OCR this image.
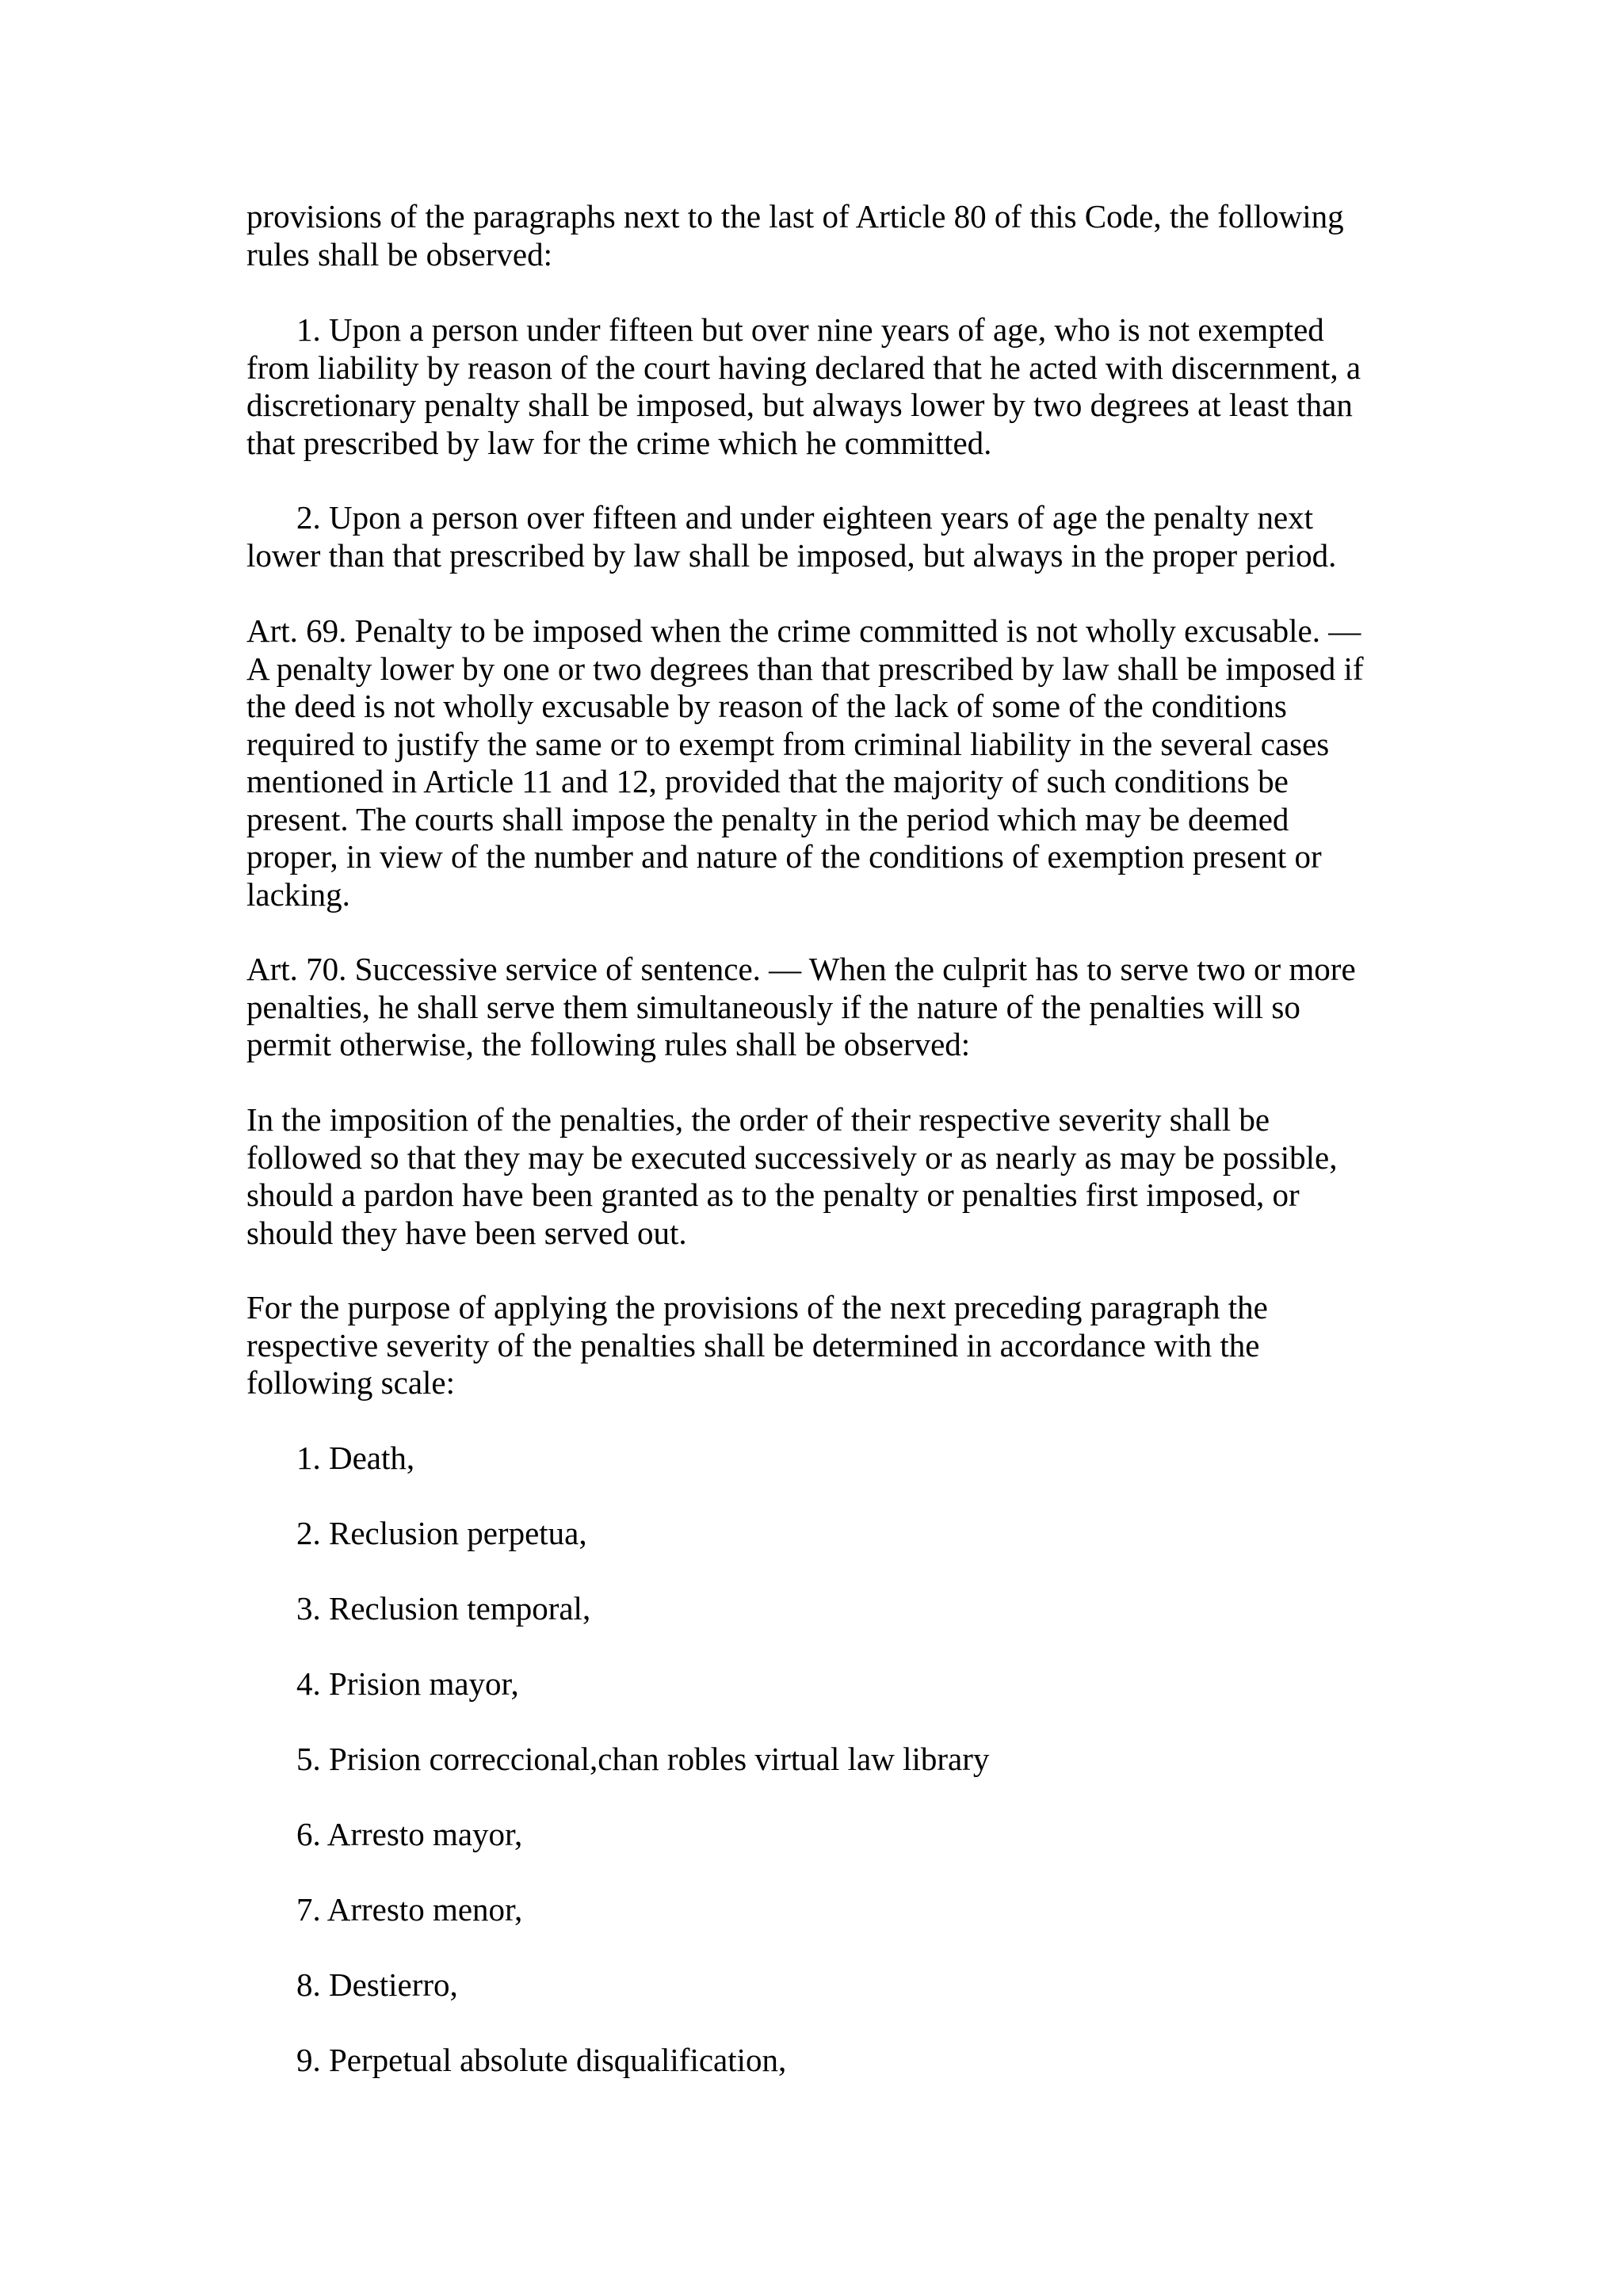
provisions of the paragraphs next to the last of Article 80 of this Code, the following
rules shall be observed:
1. Upon a person under fifteen but over nine years of age, who is not exempted
from liability by reason of the court having declared that he acted with discernment, a
discretionary penalty shall be imposed, but always lower by two degrees at least than
that prescribed by law for the crime which he committed.
2. Upon a person over fifteen and under eighteen years of age the penalty next
lower than that prescribed by law shall be imposed, but always in the proper period.
Art. 69. Penalty to be imposed when the crime committed is not wholly excusable. —
A penalty lower by one or two degrees than that prescribed by law shall be imposed if
the deed is not wholly excusable by reason of the lack of some of the conditions
required to justify the same or to exempt from criminal liability in the several cases
mentioned in Article 11 and 12, provided that the majority of such conditions be
present. The courts shall impose the penalty in the period which may be deemed
proper, in view of the number and nature of the conditions of exemption present or
lacking.
Art. 70. Successive service of sentence. — When the culprit has to serve two or more
penalties, he shall serve them simultaneously if the nature of the penalties will so
permit otherwise, the following rules shall be observed:
In the imposition of the penalties, the order of their respective severity shall be
followed so that they may be executed successively or as nearly as may be possible,
should a pardon have been granted as to the penalty or penalties first imposed, or
should they have been served out.
For the purpose of applying the provisions of the next preceding paragraph the
respective severity of the penalties shall be determined in accordance with the
following scale:
1. Death,
2. Reclusion perpetua,
3. Reclusion temporal,
4. Prision mayor,
5. Prision correccional,chan robles virtual law library
6. Arresto mayor,
7. Arresto menor,
8. Destierro,
9. Perpetual absolute disqualification,
